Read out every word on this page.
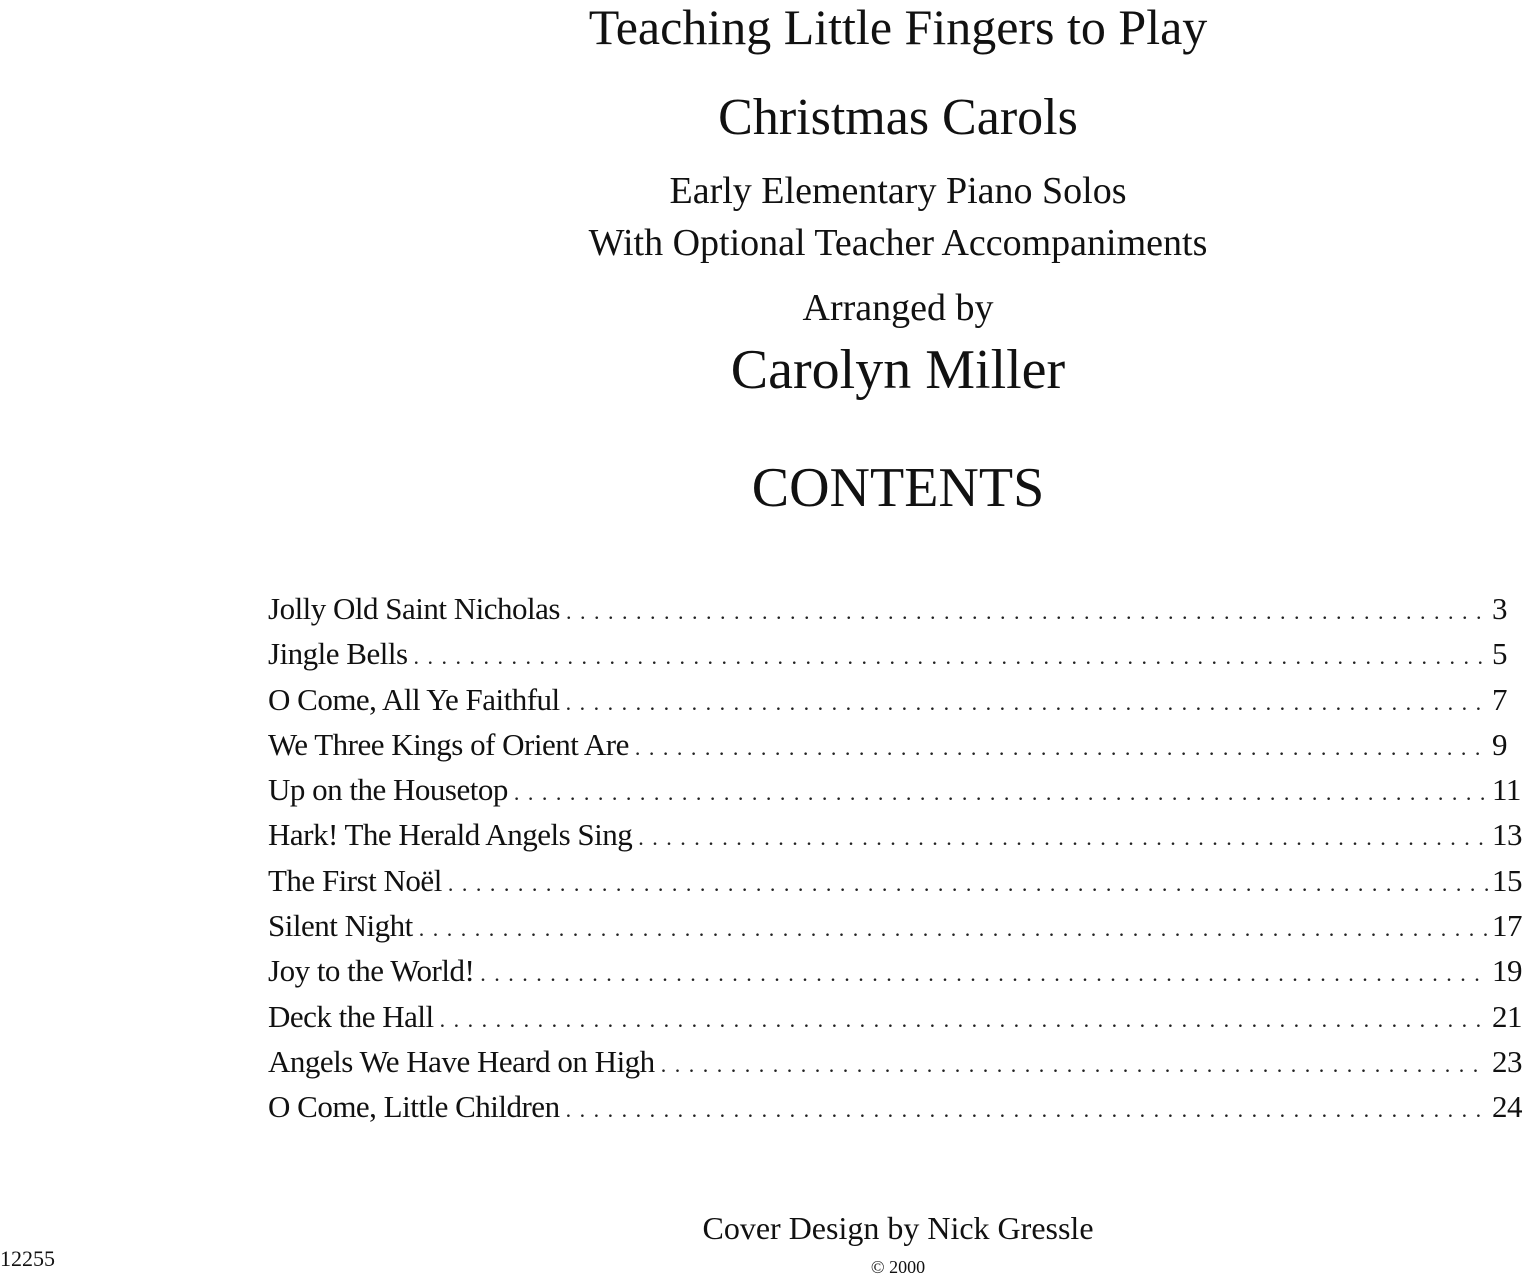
Teaching Little Fingers to Play
Christmas Carols
Early Elementary Piano Solos
With Optional Teacher Accompaniments
Arranged by
Carolyn Miller
CONTENTS
Jolly Old Saint Nicholas . . .	3
Jingle Bells . . .	5
O Come, All Ye Faithful . . .	7
We Three Kings of Orient Are . . .	9
Up on the Housetop . . .	11
Hark! The Herald Angels Sing . . .	13
The First Noël . . .	15
Silent Night . . .	17
Joy to the World! . . .	19
Deck the Hall . . .	21
Angels We Have Heard on High . . .	23
O Come, Little Children . . .	24
Cover Design by Nick Gressle
© 2000
12255
